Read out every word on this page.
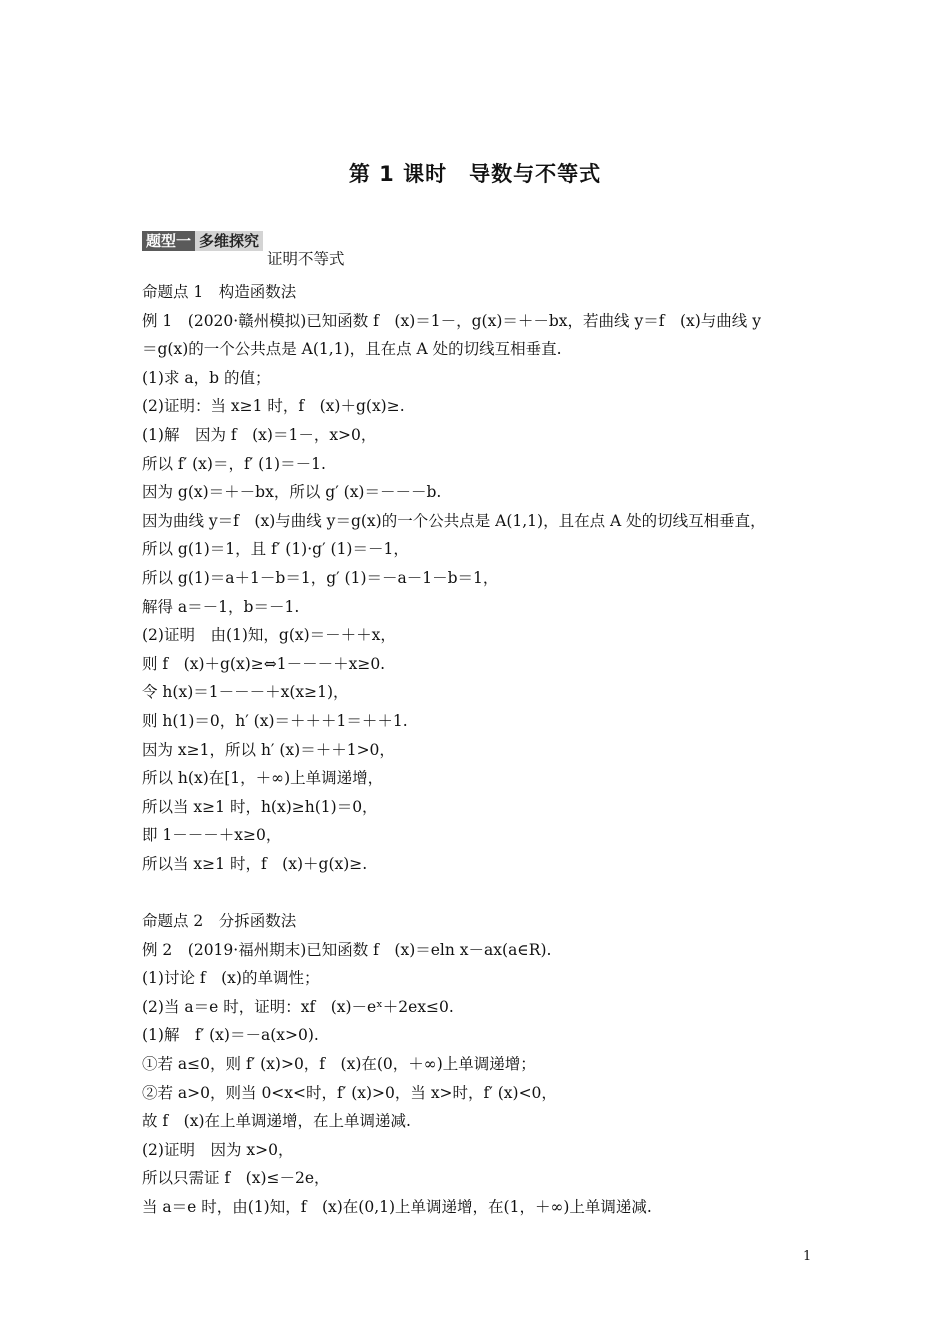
第 1 课时　导数与不等式
题型一 多维探究
证明不等式
命题点 1　构造函数法
例 1　(2020·赣州模拟)已知函数 f　(x)＝1－，g(x)＝＋－bx，若曲线 y＝f　(x)与曲线 y
＝g(x)的一个公共点是 A(1,1)，且在点 A 处的切线互相垂直.
(1)求 a，b 的值；
(2)证明：当 x≥1 时，f　(x)＋g(x)≥.
(1)解　因为 f　(x)＝1－，x>0，
所以 f′ (x)＝，f′ (1)＝－1.
因为 g(x)＝＋－bx，所以 g′ (x)＝－－－b.
因为曲线 y＝f　(x)与曲线 y＝g(x)的一个公共点是 A(1,1)，且在点 A 处的切线互相垂直，
所以 g(1)＝1，且 f′ (1)·g′ (1)＝－1，
所以 g(1)＝a＋1－b＝1，g′ (1)＝－a－1－b＝1，
解得 a＝－1，b＝－1.
(2)证明　由(1)知，g(x)＝－＋＋x，
则 f　(x)＋g(x)≥⇔1－－－＋x≥0.
令 h(x)＝1－－－＋x(x≥1)，
则 h(1)＝0，h′ (x)＝＋＋＋1＝＋＋1.
因为 x≥1，所以 h′ (x)＝＋＋1>0，
所以 h(x)在[1，＋∞)上单调递增，
所以当 x≥1 时，h(x)≥h(1)＝0，
即 1－－－＋x≥0，
所以当 x≥1 时，f　(x)＋g(x)≥.
命题点 2　分拆函数法
例 2　(2019·福州期末)已知函数 f　(x)＝eln x－ax(a∈R).
(1)讨论 f　(x)的单调性；
(2)当 a＝e 时，证明：xf　(x)－eˣ＋2ex≤0.
(1)解　f′ (x)＝－a(x>0).
①若 a≤0，则 f′ (x)>0，f　(x)在(0，＋∞)上单调递增；
②若 a>0，则当 0<x<时，f′ (x)>0，当 x>时，f′ (x)<0，
故 f　(x)在上单调递增，在上单调递减.
(2)证明　因为 x>0，
所以只需证 f　(x)≤－2e，
当 a＝e 时，由(1)知，f　(x)在(0,1)上单调递增，在(1，＋∞)上单调递减.
1
